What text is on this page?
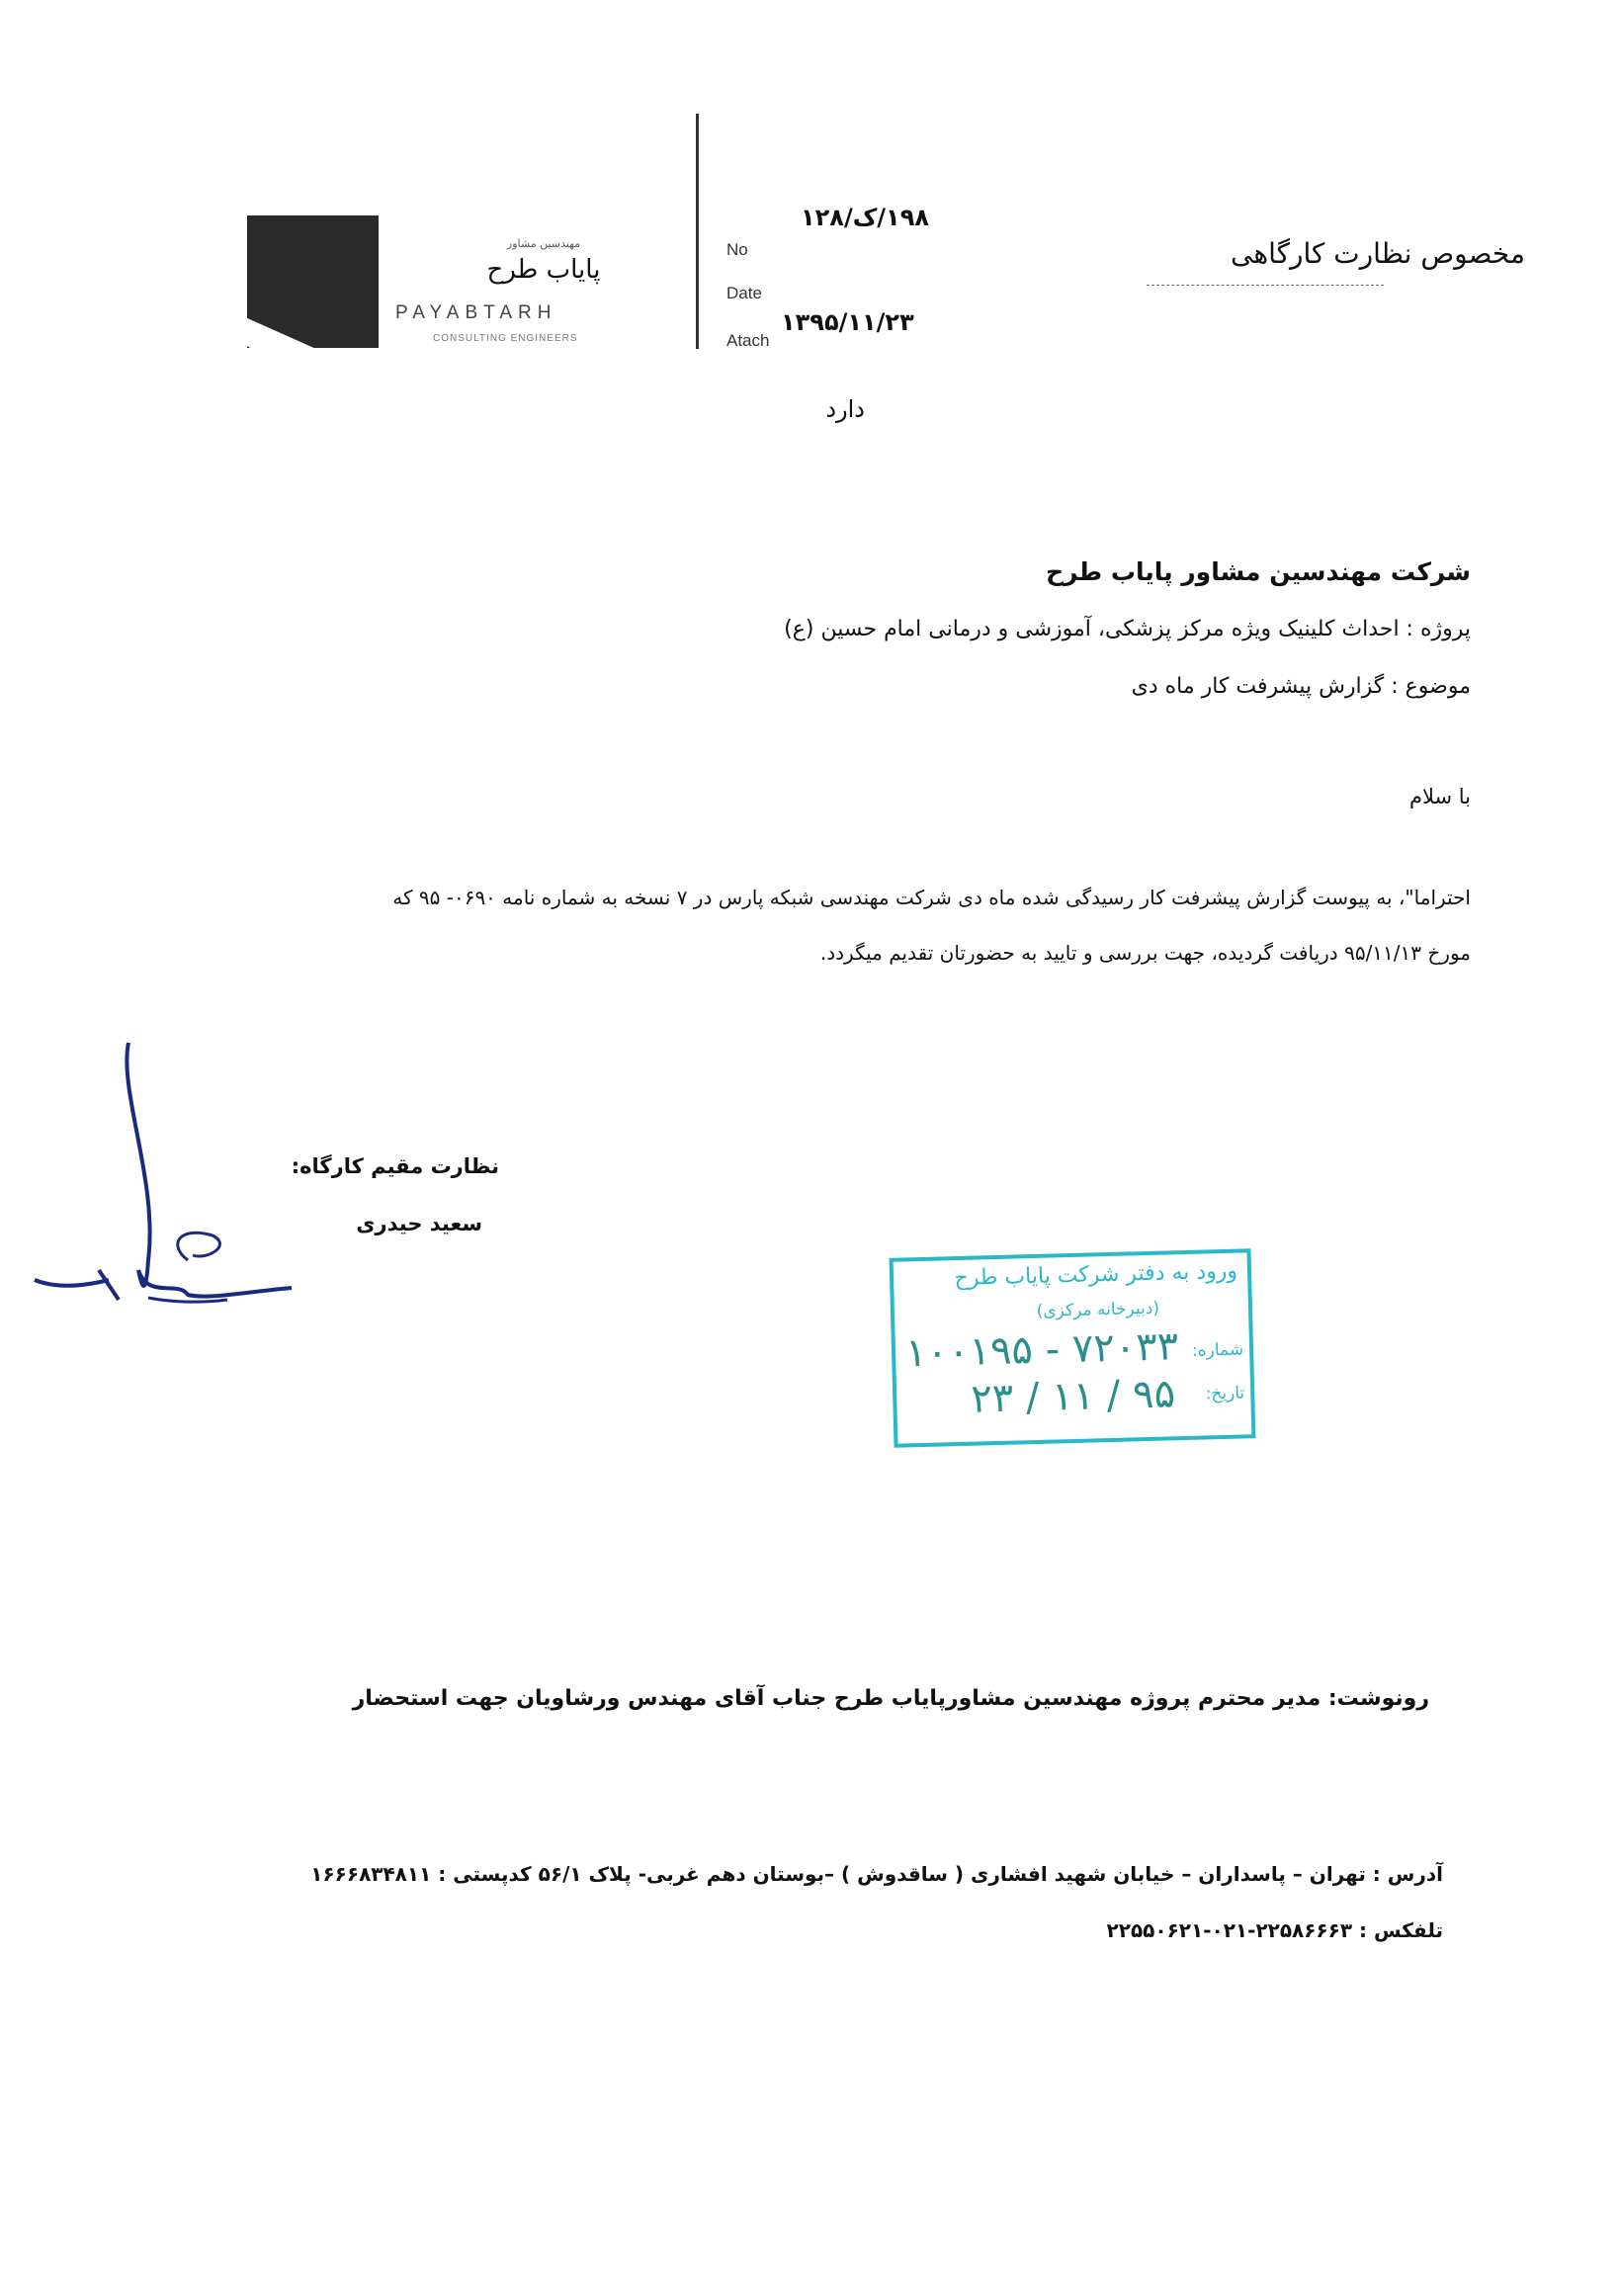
مهندسین مشاور
پایاب طرح
PAYABTARH
CONSULTING ENGINEERS
No
Date
Atach
۱۹۸/ک/۱۲۸
۱۳۹۵/۱۱/۲۳
دارد
مخصوص نظارت کارگاهی
شرکت مهندسین مشاور پایاب طرح
پروژه : احداث کلینیک ویژه مرکز پزشکی، آموزشی و درمانی امام حسین (ع)
موضوع : گزارش پیشرفت کار ماه دی
با سلام
احتراما"، به پیوست گزارش پیشرفت کار رسیدگی شده ماه دی شرکت مهندسی شبکه پارس در ۷ نسخه به شماره نامه ۰۶۹۰- ۹۵ که
مورخ ۹۵/۱۱/۱۳ دریافت گردیده، جهت بررسی و تایید به حضورتان تقدیم میگردد.
نظارت مقیم کارگاه:
سعید حیدری
ورود به دفتر شرکت پایاب طرح
(دبیرخانه مرکزی)
شماره:
۱۰۰۱۹۵ - ۷۲۰۳۳
تاریخ:
۹۵ / ۱۱ / ۲۳
رونوشت: مدیر محترم پروژه مهندسین مشاورپایاب طرح جناب آقای مهندس ورشاویان جهت استحضار
آدرس : تهران – پاسداران – خیابان شهید افشاری ( ساقدوش ) –بوستان دهم غربی- پلاک ۵۶/۱ کدپستی : ۱۶۶۶۸۳۴۸۱۱
تلفکس : ۲۲۵۸۶۶۶۳-۰۲۱-۲۲۵۵۰۶۲۱
